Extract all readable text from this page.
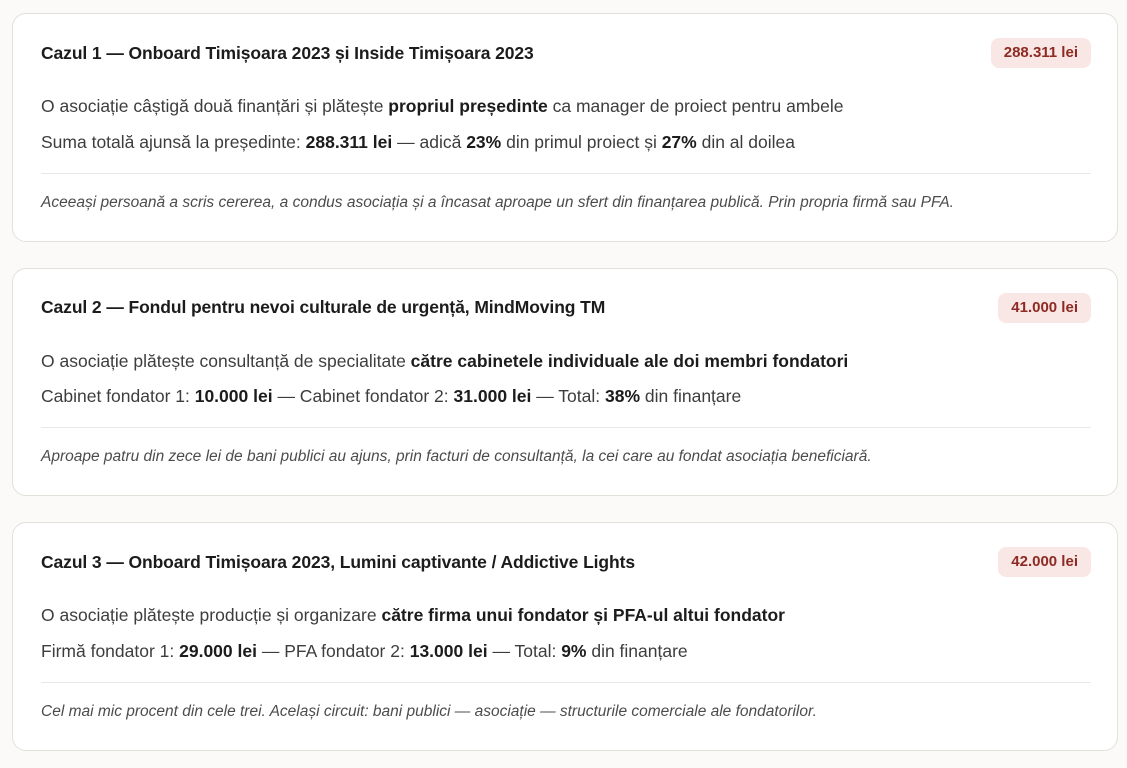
Cazul 1 — Onboard Timișoara 2023 și Inside Timișoara 2023	288.311 lei

O asociație câștigă două finanțări și plătește propriul președinte ca manager de proiect pentru ambele

Suma totală ajunsă la președinte: 288.311 lei — adică 23% din primul proiect și 27% din al doilea

Aceeași persoană a scris cererea, a condus asociația și a încasat aproape un sfert din finanțarea publică. Prin propria firmă sau PFA.

Cazul 2 — Fondul pentru nevoi culturale de urgență, MindMoving TM	41.000 lei

O asociație plătește consultanță de specialitate către cabinetele individuale ale doi membri fondatori

Cabinet fondator 1: 10.000 lei — Cabinet fondator 2: 31.000 lei — Total: 38% din finanțare

Aproape patru din zece lei de bani publici au ajuns, prin facturi de consultanță, la cei care au fondat asociația beneficiară.

Cazul 3 — Onboard Timișoara 2023, Lumini captivante / Addictive Lights	42.000 lei

O asociație plătește producție și organizare către firma unui fondator și PFA-ul altui fondator

Firmă fondator 1: 29.000 lei — PFA fondator 2: 13.000 lei — Total: 9% din finanțare

Cel mai mic procent din cele trei. Același circuit: bani publici — asociație — structurile comerciale ale fondatorilor.
